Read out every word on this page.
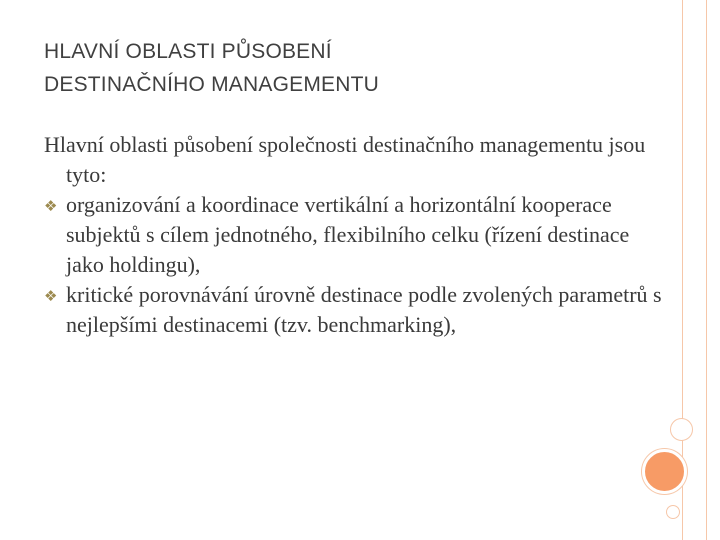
HLAVNÍ OBLASTI PŮSOBENÍ
DESTINAČNÍHO MANAGEMENTU
Hlavní oblasti působení společnosti destinačního managementu jsou tyto:
❖ organizování a koordinace vertikální a horizontální kooperace subjektů s cílem jednotného, flexibilního celku (řízení destinace jako holdingu),
❖ kritické porovnávání úrovně destinace podle zvolených parametrů s nejlepšími destinacemi (tzv. benchmarking),
